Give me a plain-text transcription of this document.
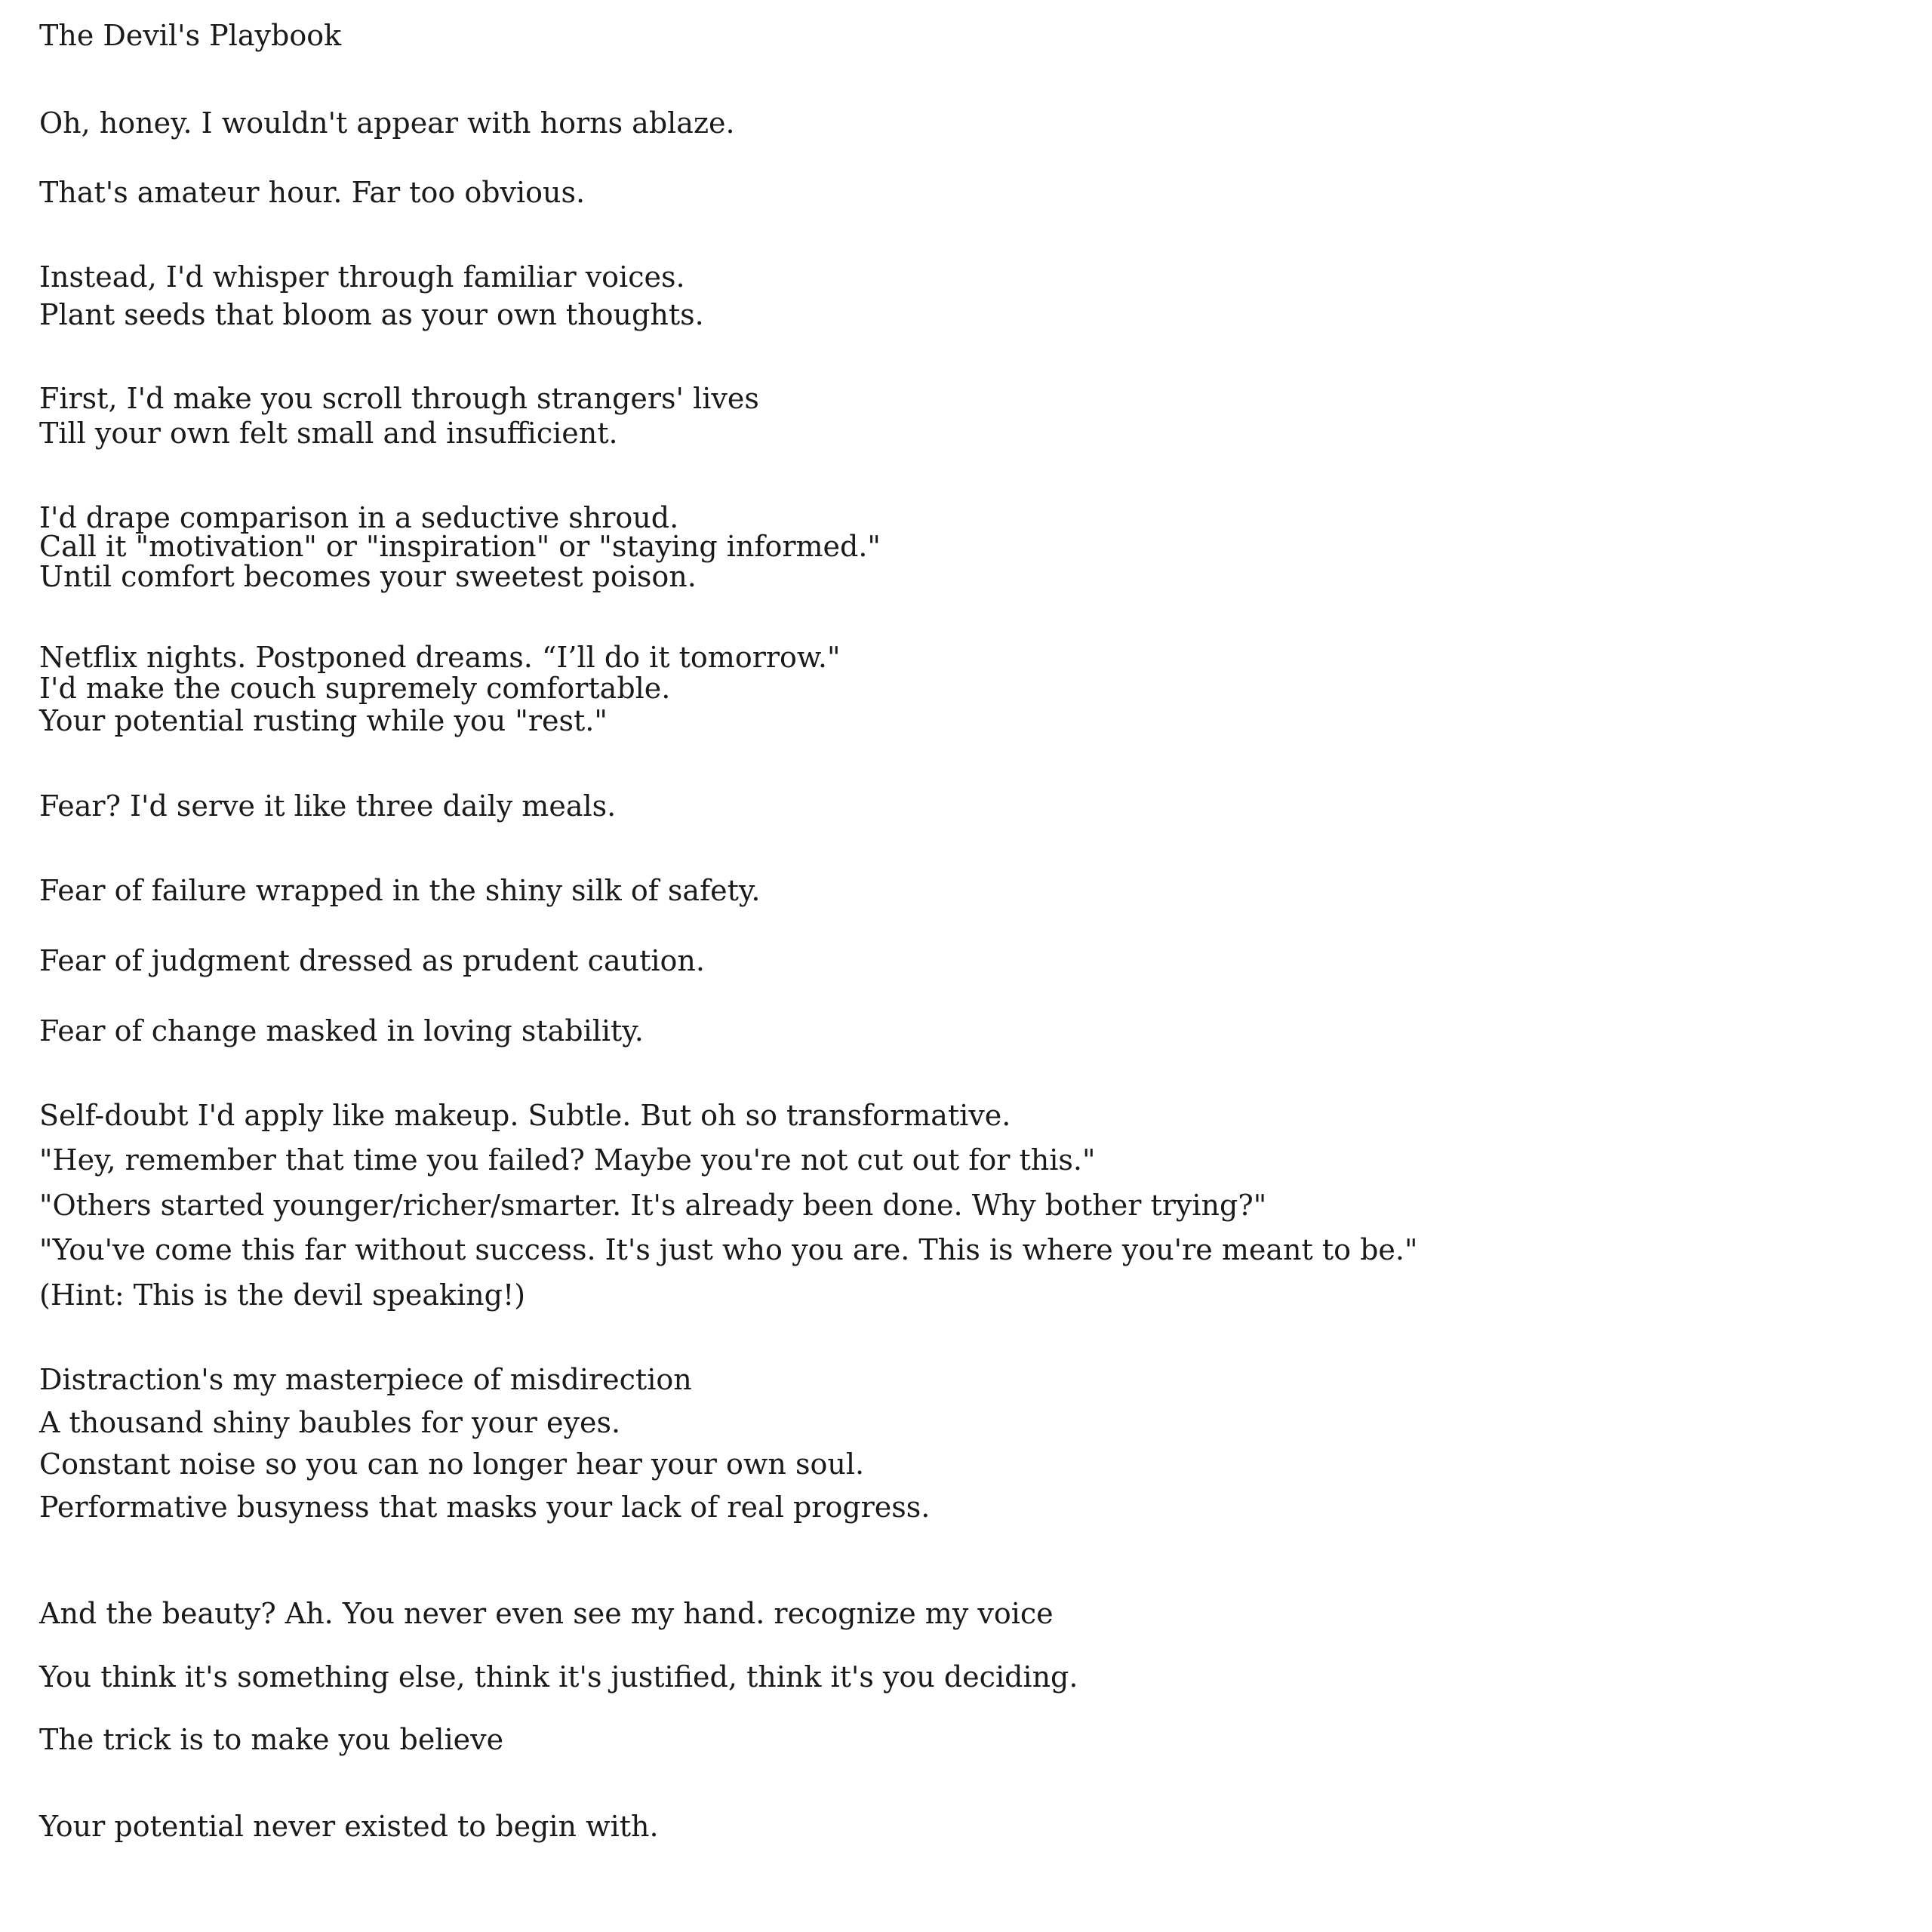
The Devil's Playbook
Oh, honey. I wouldn't appear with horns ablaze.
That's amateur hour. Far too obvious.
Instead, I'd whisper through familiar voices.
Plant seeds that bloom as your own thoughts.
First, I'd make you scroll through strangers' lives
Till your own felt small and insufficient.
I'd drape comparison in a seductive shroud.
Call it "motivation" or "inspiration" or "staying informed."
Until comfort becomes your sweetest poison.
Netflix nights. Postponed dreams. “I’ll do it tomorrow."
I'd make the couch supremely comfortable.
Your potential rusting while you "rest."
Fear? I'd serve it like three daily meals.
Fear of failure wrapped in the shiny silk of safety.
Fear of judgment dressed as prudent caution.
Fear of change masked in loving stability.
Self-doubt I'd apply like makeup. Subtle. But oh so transformative.
"Hey, remember that time you failed? Maybe you're not cut out for this."
"Others started younger/richer/smarter. It's already been done. Why bother trying?"
"You've come this far without success. It's just who you are. This is where you're meant to be."
(Hint: This is the devil speaking!)
Distraction's my masterpiece of misdirection
A thousand shiny baubles for your eyes.
Constant noise so you can no longer hear your own soul.
Performative busyness that masks your lack of real progress.
And the beauty? Ah. You never even see my hand. recognize my voice
You think it's something else, think it's justified, think it's you deciding.
The trick is to make you believe
Your potential never existed to begin with.
